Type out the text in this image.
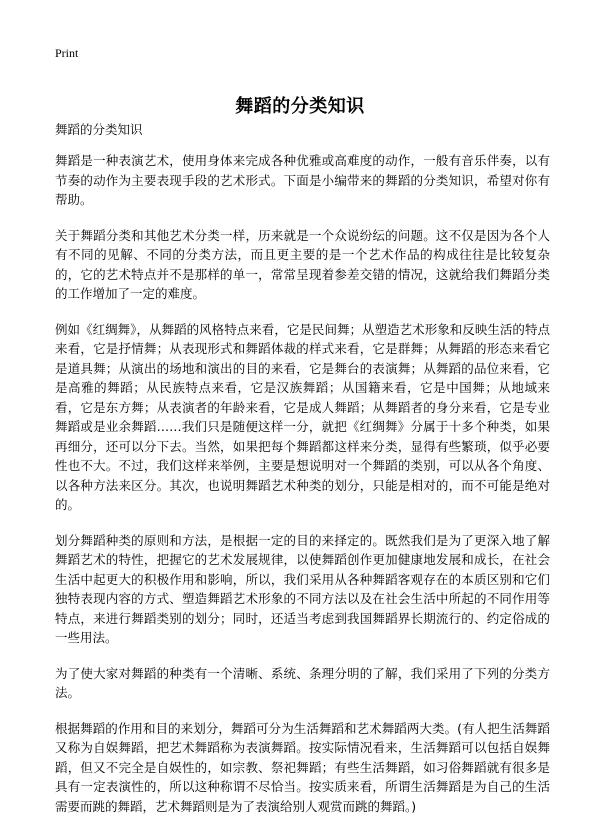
Print
舞蹈的分类知识

舞蹈的分类知识

舞蹈是一种表演艺术，使用身体来完成各种优雅或高难度的动作，一般有音乐伴奏，以有节奏的动作为主要表现手段的艺术形式。下面是小编带来的舞蹈的分类知识，希望对你有帮助。

关于舞蹈分类和其他艺术分类一样，历来就是一个众说纷纭的问题。这不仅是因为各个人有不同的见解、不同的分类方法，而且更主要的是一个艺术作品的构成往往是比较复杂的，它的艺术特点并不是那样的单一，常常呈现着参差交错的情况，这就给我们舞蹈分类的工作增加了一定的难度。

例如《红绸舞》，从舞蹈的风格特点来看，它是民间舞；从塑造艺术形象和反映生活的特点来看，它是抒情舞；从表现形式和舞蹈体裁的样式来看，它是群舞；从舞蹈的形态来看它是道具舞；从演出的场地和演出的目的来看，它是舞台的表演舞；从舞蹈的品位来看，它是高雅的舞蹈；从民族特点来看，它是汉族舞蹈；从国籍来看，它是中国舞；从地域来看，它是东方舞；从表演者的年龄来看，它是成人舞蹈；从舞蹈者的身分来看，它是专业舞蹈或是业余舞蹈……我们只是随便这样一分，就把《红绸舞》分属于十多个种类，如果再细分，还可以分下去。当然，如果把每个舞蹈都这样来分类，显得有些繁琐，似乎必要性也不大。不过，我们这样来举例，主要是想说明对一个舞蹈的类别，可以从各个角度、以各种方法来区分。其次，也说明舞蹈艺术种类的划分，只能是相对的，而不可能是绝对的。

划分舞蹈种类的原则和方法，是根据一定的目的来择定的。既然我们是为了更深入地了解舞蹈艺术的特性，把握它的艺术发展规律，以使舞蹈创作更加健康地发展和成长，在社会生活中起更大的积极作用和影响，所以，我们采用从各种舞蹈客观存在的本质区别和它们独特表现内容的方式、塑造舞蹈艺术形象的不同方法以及在社会生活中所起的不同作用等特点，来进行舞蹈类别的划分；同时，还适当考虑到我国舞蹈界长期流行的、约定俗成的一些用法。

为了使大家对舞蹈的种类有一个清晰、系统、条理分明的了解，我们采用了下列的分类方法。

根据舞蹈的作用和目的来划分，舞蹈可分为生活舞蹈和艺术舞蹈两大类。(有人把生活舞蹈又称为自娱舞蹈，把艺术舞蹈称为表演舞蹈。按实际情况看来，生活舞蹈可以包括自娱舞蹈，但又不完全是自娱性的，如宗教、祭祀舞蹈；有些生活舞蹈，如习俗舞蹈就有很多是具有一定表演性的，所以这种称谓不尽恰当。按实质来看，所谓生活舞蹈是为自己的生活需要而跳的舞蹈，艺术舞蹈则是为了表演给别人观赏而跳的舞蹈。)
